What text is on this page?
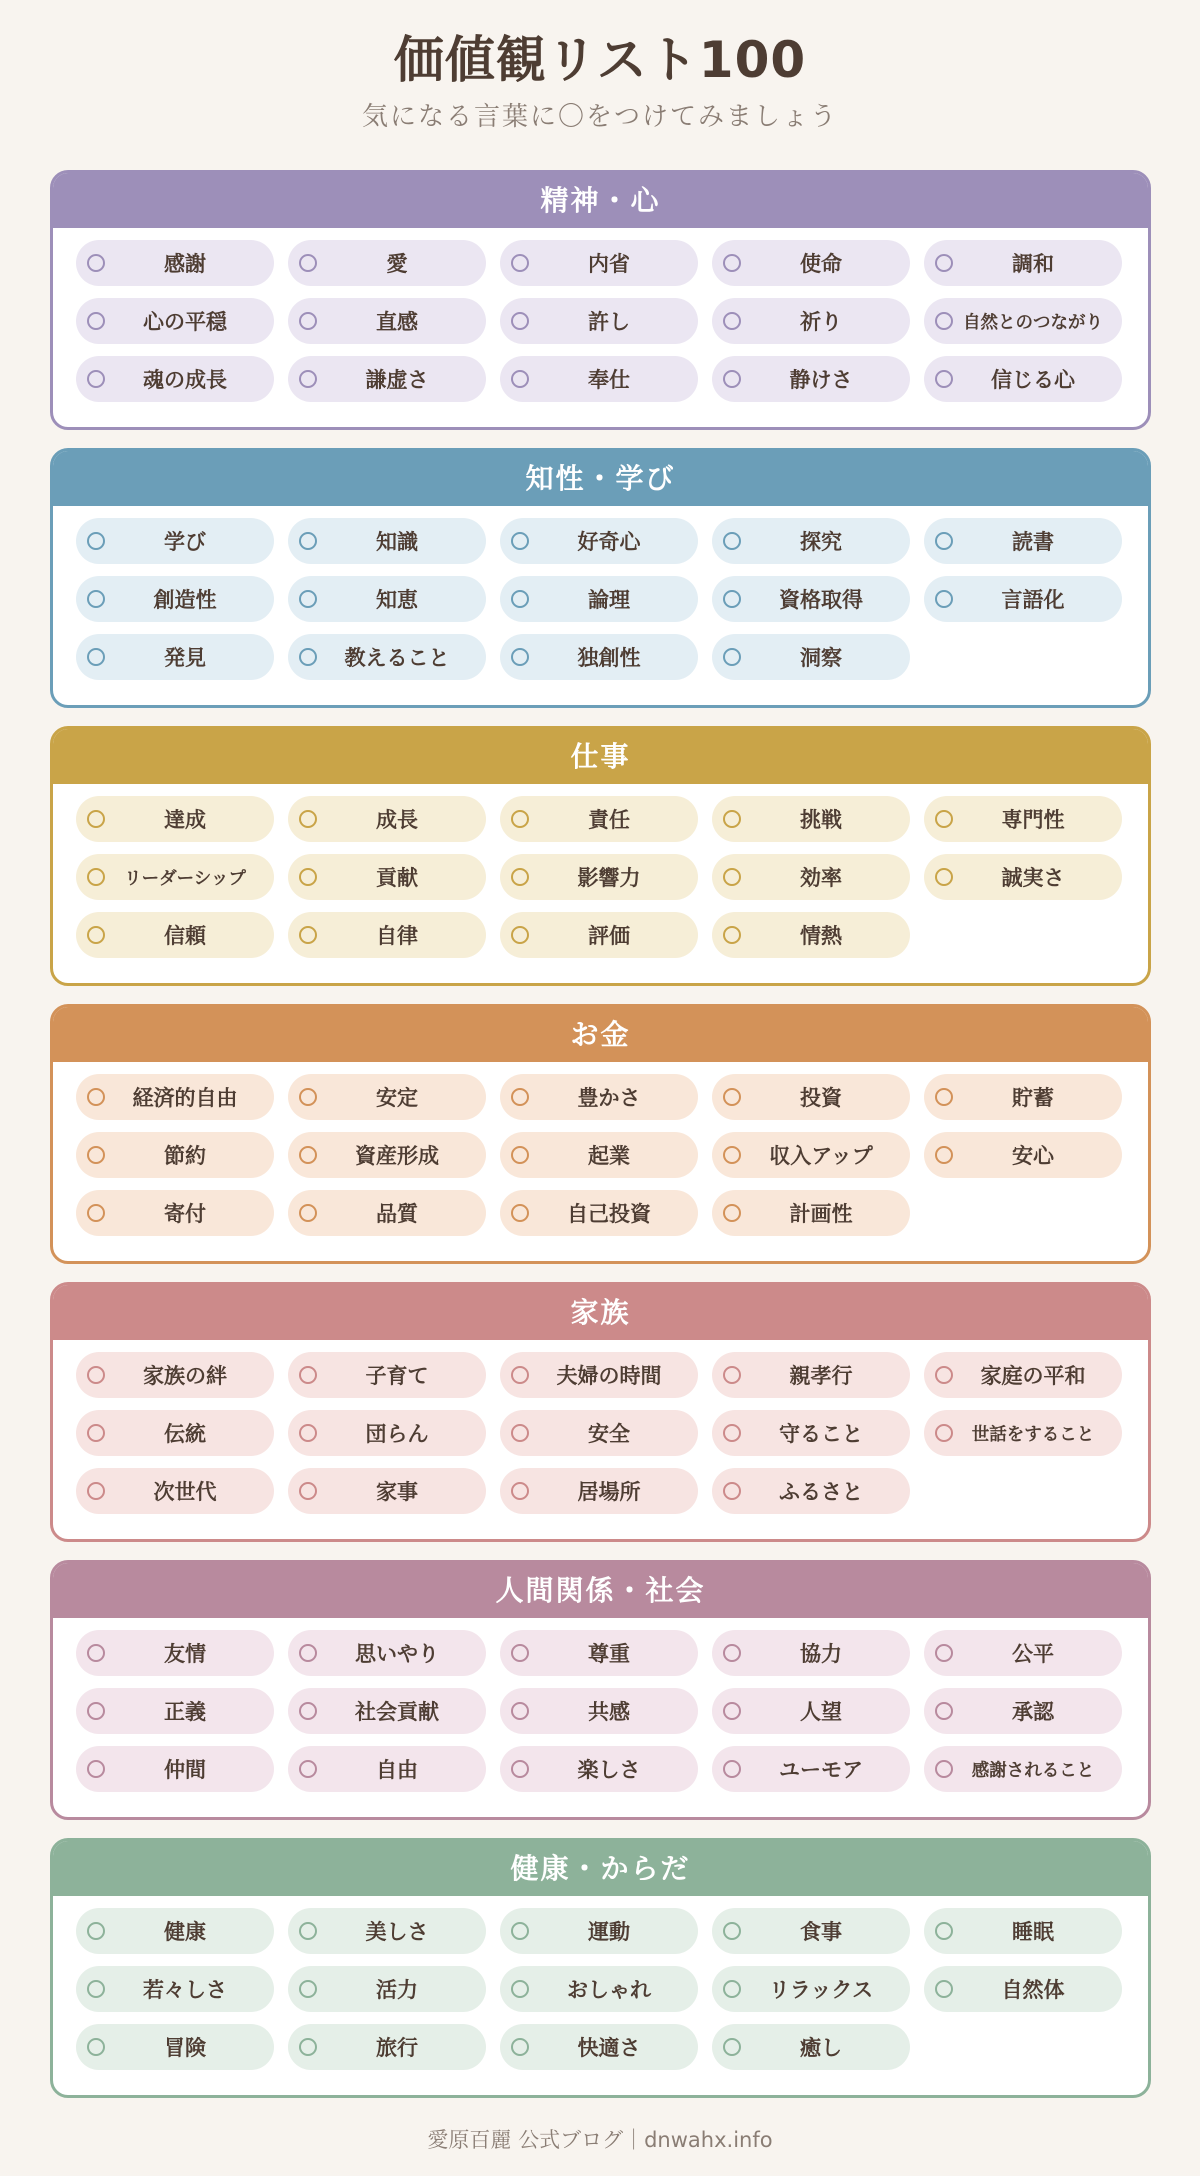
価値観リスト100
気になる言葉に〇をつけてみましょう
精神・心
感謝	愛	内省	使命	調和
心の平穏	直感	許し	祈り	自然とのつながり
魂の成長	謙虚さ	奉仕	静けさ	信じる心
知性・学び
学び	知識	好奇心	探究	読書
創造性	知恵	論理	資格取得	言語化
発見	教えること	独創性	洞察
仕事
達成	成長	責任	挑戦	専門性
リーダーシップ	貢献	影響力	効率	誠実さ
信頼	自律	評価	情熱
お金
経済的自由	安定	豊かさ	投資	貯蓄
節約	資産形成	起業	収入アップ	安心
寄付	品質	自己投資	計画性
家族
家族の絆	子育て	夫婦の時間	親孝行	家庭の平和
伝統	団らん	安全	守ること	世話をすること
次世代	家事	居場所	ふるさと
人間関係・社会
友情	思いやり	尊重	協力	公平
正義	社会貢献	共感	人望	承認
仲間	自由	楽しさ	ユーモア	感謝されること
健康・からだ
健康	美しさ	運動	食事	睡眠
若々しさ	活力	おしゃれ	リラックス	自然体
冒険	旅行	快適さ	癒し
愛原百麗 公式ブログ｜dnwahx.info
